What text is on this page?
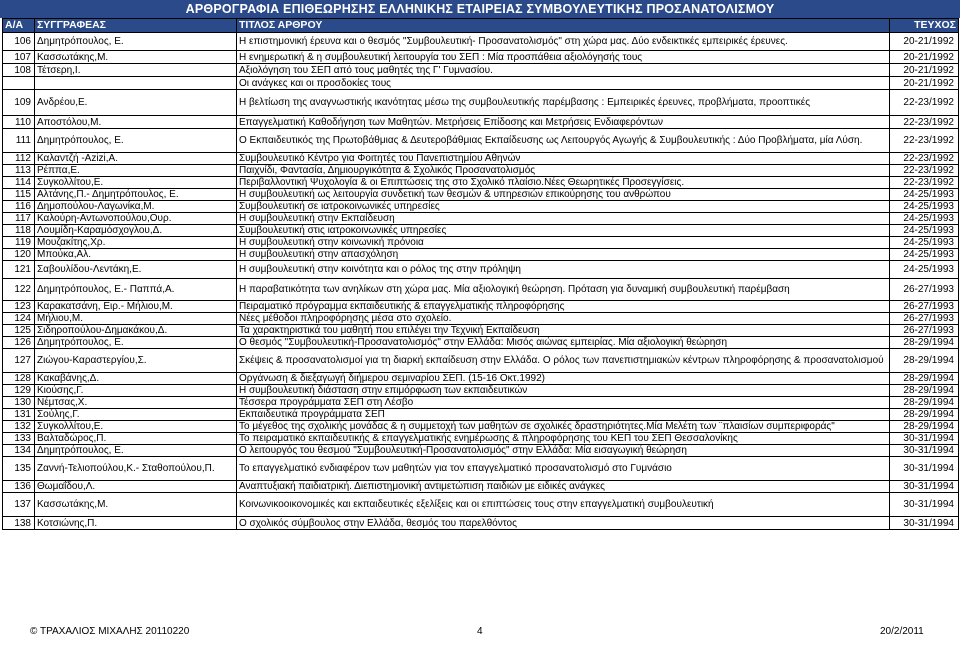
ΑΡΘΡΟΓΡΑΦΙΑ ΕΠΙΘΕΩΡΗΣΗΣ ΕΛΛΗΝΙΚΗΣ ΕΤΑΙΡΕΙΑΣ ΣΥΜΒΟΥΛΕΥΤΙΚΗΣ ΠΡΟΣΑΝΑΤΟΛΙΣΜΟΥ
Α/Α	ΣΥΓΓΡΑΦΕΑΣ	ΤΙΤΛΟΣ ΑΡΘΡΟΥ	ΤΕΥΧΟΣ
106	Δημητρόπουλος, Ε.	Η επιστημονική έρευνα και ο θεσμός "Συμβουλευτική- Προσανατολισμός" στη χώρα μας. Δύο ενδεικτικές εμπειρικές έρευνες.	20-21/1992
107	Κασσωτάκης,Μ.	Η ενημερωτική & η συμβουλευτική λειτουργία του ΣΕΠ : Μία προσπάθεια αξιολόγησής τους	20-21/1992
108	Τέτσερη,Ι.	Αξιολόγηση του ΣΕΠ από τους μαθητές της Γ' Γυμνασίου.	20-21/1992
		Οι ανάγκες και οι προσδοκίες τους	20-21/1992
109	Ανδρέου,Ε.	Η βελτίωση της αναγνωστικής ικανότητας μέσω της συμβουλευτικής παρέμβασης : Εμπειρικές έρευνες, προβλήματα, προοπτικές	22-23/1992
110	Αποστόλου,Μ.	Επαγγελματική Καθοδήγηση των Μαθητών. Μετρήσεις Επίδοσης και Μετρήσεις Ενδιαφερόντων	22-23/1992
111	Δημητρόπουλος, Ε.	Ο Εκπαιδευτικός της Πρωτοβάθμιας & Δευτεροβάθμιας Εκπαίδευσης ως Λειτουργός Αγωγής & Συμβουλευτικής : Δύο Προβλήματα, μία Λύση.	22-23/1992
112	Καλαντζή -Azizi,Α.	Συμβουλευτικό Κέντρο για Φοιτητές του Πανεπιστημίου Αθηνών	22-23/1992
113	Ρέππα,Ε.	Παιχνίδι, Φαντασία, Δημιουργικότητα & Σχολικός Προσανατολισμός	22-23/1992
114	Συγκολλίτου,Ε.	Περιβαλλοντική Ψυχολογία & οι Επιπτώσεις της στο Σχολικό πλαίσιο.Νέες Θεωρητικές Προσεγγίσεις.	22-23/1992
115	Αλτάνης,Π.- Δημητρόπουλος, Ε.	Η συμβουλευτική ως λειτουργία συνδετική των θεσμών & υπηρεσιών επικούρησης του ανθρώπου	24-25/1993
116	Δημοπούλου-Λαγωνίκα,Μ.	Συμβουλευτική σε ιατροκοινωνικές υπηρεσίες	24-25/1993
117	Καλούρη-Αντωνοπούλου,Ουρ.	Η συμβουλευτική στην Εκπαίδευση	24-25/1993
118	Λουμίδη-Καραμόσχογλου,Δ.	Συμβουλευτική στις ιατροκοινωνικές υπηρεσίες	24-25/1993
119	Μουζακίτης,Χρ.	Η συμβουλευτική στην κοινωνική πρόνοια	24-25/1993
120	Μπούκα,Αλ.	Η συμβουλευτική στην απασχόληση	24-25/1993
121	Σαβουλίδου-Λεντάκη,Ε.	Η συμβουλευτική στην κοινότητα και ο ρόλος της στην πρόληψη	24-25/1993
122	Δημητρόπουλος, Ε.- Παππά,Α.	Η παραβατικότητα των ανηλίκων στη χώρα μας. Μία αξιολογική θεώρηση. Πρόταση για δυναμική συμβουλευτική παρέμβαση	26-27/1993
123	Καρακατσάνη, Ειρ.- Μήλιου,Μ.	Πειραματικό πρόγραμμα εκπαιδευτικής & επαγγελματικής πληροφόρησης	26-27/1993
124	Μήλιου,Μ.	Νέες μέθοδοι πληροφόρησης μέσα στο σχολείο.	26-27/1993
125	Σιδηροπούλου-Δημακάκου,Δ.	Τα χαρακτηριστικά του μαθητή που επιλέγει την Τεχνική Εκπαίδευση	26-27/1993
126	Δημητρόπουλος, Ε.	Ο θεσμός "Συμβουλευτική-Προσανατολισμός" στην Ελλάδα: Μισός αιώνας εμπειρίας. Μία αξιολογική θεώρηση	28-29/1994
127	Ζιώγου-Καραστεργίου,Σ.	Σκέψεις & προσανατολισμοί για τη διαρκή εκπαίδευση στην Ελλάδα. Ο ρόλος των πανεπιστημιακών κέντρων πληροφόρησης & προσανατολισμού	28-29/1994
128	Κακαβάνης,Δ.	Οργάνωση & διεξαγωγή διήμερου σεμιναρίου ΣΕΠ. (15-16 Οκτ.1992)	28-29/1994
129	Κιούσης,Γ.	Η συμβουλευτική διάσταση στην επιμόρφωση των εκπαιδευτικών	28-29/1994
130	Νέμτσας,Χ.	Τέσσερα προγράμματα ΣΕΠ στη Λέσβο	28-29/1994
131	Σούλης,Γ.	Εκπαιδευτικά προγράμματα ΣΕΠ	28-29/1994
132	Συγκολλίτου,Ε.	Το μέγεθος της σχολικής μονάδας & η συμμετοχή των μαθητών σε σχολικές δραστηριότητες.Μία Μελέτη των ¨πλαισίων συμπεριφοράς"	28-29/1994
133	Βαλταδώρος,Π.	Το πειραματικό εκπαιδευτικής & επαγγελματικής ενημέρωσης & πληροφόρησης του ΚΕΠ του ΣΕΠ Θεσσαλονίκης	30-31/1994
134	Δημητρόπουλος, Ε.	Ο λειτουργός του θεσμού "Συμβουλευτική-Προσανατολισμός" στην Ελλάδα: Μία εισαγωγική θεώρηση	30-31/1994
135	Ζαννή-Τελιοπούλου,Κ.- Σταθοπούλου,Π.	Το επαγγελματικό ενδιαφέρον των μαθητών για τον επαγγελματικό προσανατολισμό στο Γυμνάσιο	30-31/1994
136	Θωμαΐδου,Λ.	Αναπτυξιακή παιδιατρική. Διεπιστημονική αντιμετώπιση παιδιών με ειδικές ανάγκες	30-31/1994
137	Κασσωτάκης,Μ.	Κοινωνικοοικονομικές και εκπαιδευτικές εξελίξεις και οι επιπτώσεις τους στην επαγγελματική συμβουλευτική	30-31/1994
138	Κοτσιώνης,Π.	Ο σχολικός σύμβουλος στην Ελλάδα, θεσμός του παρελθόντος	30-31/1994
© ΤΡΑΧΑΛΙΟΣ ΜΙΧΑΛΗΣ 20110220	4	20/2/2011
